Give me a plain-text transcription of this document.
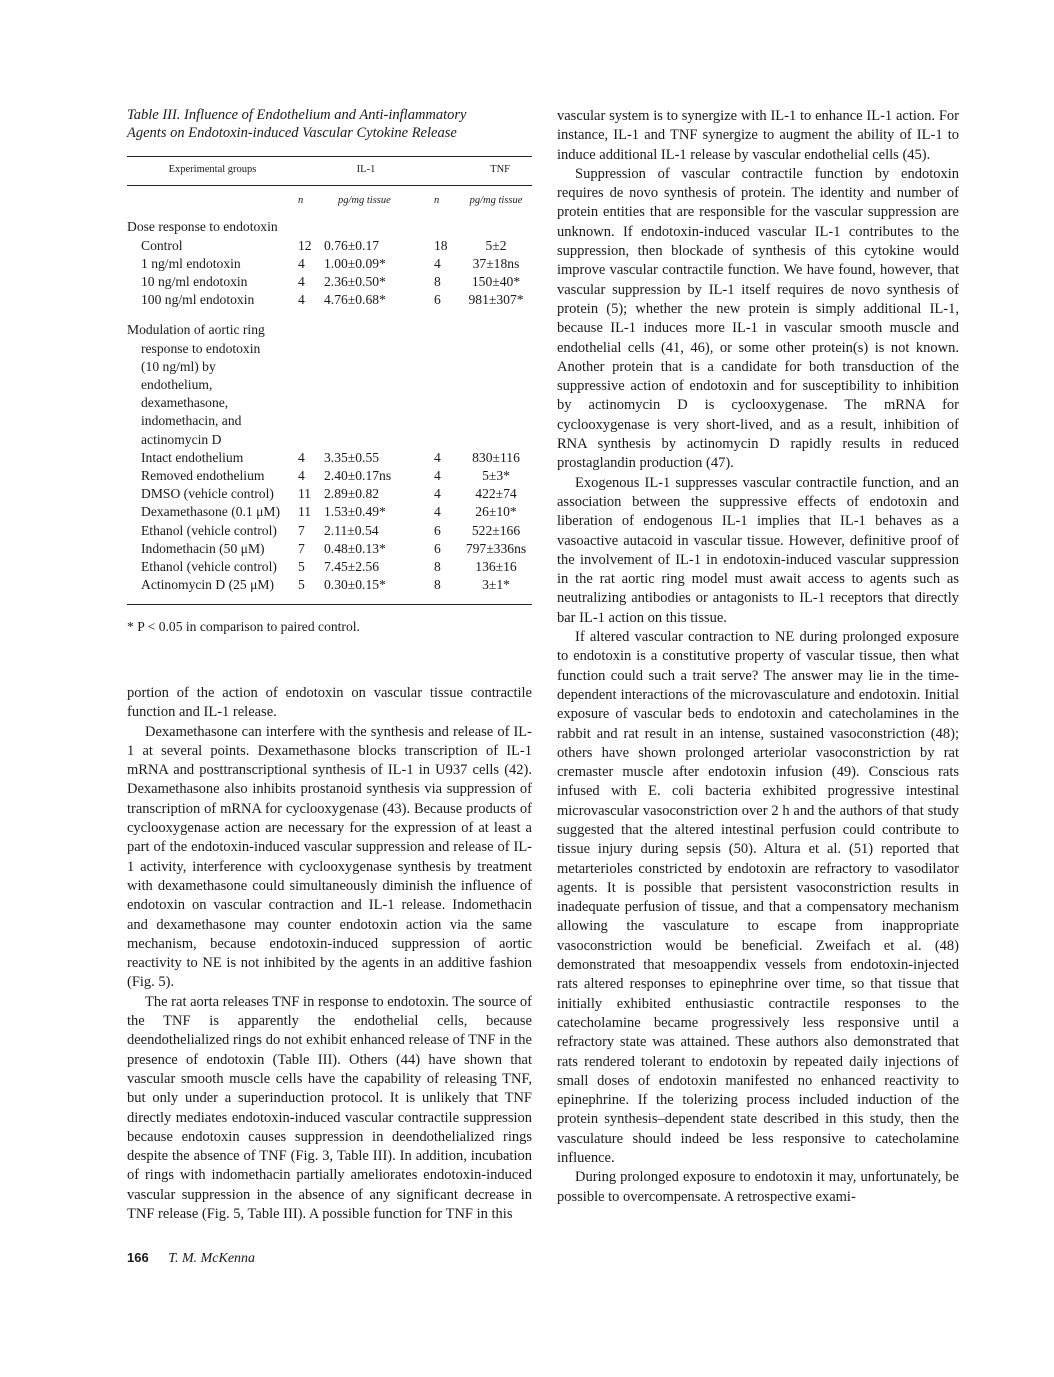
Table III. Influence of Endothelium and Anti-inflammatory
Agents on Endotoxin-induced Vascular Cytokine Release
Experimental groups	IL-1		TNF	

	n	pg/mg tissue	n	pg/mg tissue
Dose response to endotoxin				
Control	12	0.76±0.17	18	5±2
1 ng/ml endotoxin	4	1.00±0.09*	4	37±18ns
10 ng/ml endotoxin	4	2.36±0.50*	8	150±40*
100 ng/ml endotoxin	4	4.76±0.68*	6	981±307*
Modulation of aortic ring				
response to endotoxin				
(10 ng/ml) by				
endothelium,				
dexamethasone,				
indomethacin, and				
actinomycin D				
Intact endothelium	4	3.35±0.55	4	830±116
Removed endothelium	4	2.40±0.17ns	4	5±3*
DMSO (vehicle control)	11	2.89±0.82	4	422±74
Dexamethasone (0.1 μM)	11	1.53±0.49*	4	26±10*
Ethanol (vehicle control)	7	2.11±0.54	6	522±166
Indomethacin (50 μM)	7	0.48±0.13*	6	797±336ns
Ethanol (vehicle control)	5	7.45±2.56	8	136±16
Actinomycin D (25 μM)	5	0.30±0.15*	8	3±1*
* P < 0.05 in comparison to paired control.

portion of the action of endotoxin on vascular tissue contractile function and IL-1 release.

Dexamethasone can interfere with the synthesis and release of IL-1 at several points. Dexamethasone blocks transcription of IL-1 mRNA and posttranscriptional synthesis of IL-1 in U937 cells (42). Dexamethasone also inhibits prostanoid synthesis via suppression of transcription of mRNA for cyclooxygenase (43). Because products of cyclooxygenase action are necessary for the expression of at least a part of the endotoxin-induced vascular suppression and release of IL-1 activity, interference with cyclooxygenase synthesis by treatment with dexamethasone could simultaneously diminish the influence of endotoxin on vascular contraction and IL-1 release. Indomethacin and dexamethasone may counter endotoxin action via the same mechanism, because endotoxin-induced suppression of aortic reactivity to NE is not inhibited by the agents in an additive fashion (Fig. 5).

The rat aorta releases TNF in response to endotoxin. The source of the TNF is apparently the endothelial cells, because deendothelialized rings do not exhibit enhanced release of TNF in the presence of endotoxin (Table III). Others (44) have shown that vascular smooth muscle cells have the capability of releasing TNF, but only under a superinduction protocol. It is unlikely that TNF directly mediates endotoxin-induced vascular contractile suppression because endotoxin causes suppression in deendothelialized rings despite the absence of TNF (Fig. 3, Table III). In addition, incubation of rings with indomethacin partially ameliorates endotoxin-induced vascular suppression in the absence of any significant decrease in TNF release (Fig. 5, Table III). A possible function for TNF in this

vascular system is to synergize with IL-1 to enhance IL-1 action. For instance, IL-1 and TNF synergize to augment the ability of IL-1 to induce additional IL-1 release by vascular endothelial cells (45).

Suppression of vascular contractile function by endotoxin requires de novo synthesis of protein. The identity and number of protein entities that are responsible for the vascular suppression are unknown. If endotoxin-induced vascular IL-1 contributes to the suppression, then blockade of synthesis of this cytokine would improve vascular contractile function. We have found, however, that vascular suppression by IL-1 itself requires de novo synthesis of protein (5); whether the new protein is simply additional IL-1, because IL-1 induces more IL-1 in vascular smooth muscle and endothelial cells (41, 46), or some other protein(s) is not known. Another protein that is a candidate for both transduction of the suppressive action of endotoxin and for susceptibility to inhibition by actinomycin D is cyclooxygenase. The mRNA for cyclooxygenase is very short-lived, and as a result, inhibition of RNA synthesis by actinomycin D rapidly results in reduced prostaglandin production (47).

Exogenous IL-1 suppresses vascular contractile function, and an association between the suppressive effects of endotoxin and liberation of endogenous IL-1 implies that IL-1 behaves as a vasoactive autacoid in vascular tissue. However, definitive proof of the involvement of IL-1 in endotoxin-induced vascular suppression in the rat aortic ring model must await access to agents such as neutralizing antibodies or antagonists to IL-1 receptors that directly bar IL-1 action on this tissue.

If altered vascular contraction to NE during prolonged exposure to endotoxin is a constitutive property of vascular tissue, then what function could such a trait serve? The answer may lie in the time-dependent interactions of the microvasculature and endotoxin. Initial exposure of vascular beds to endotoxin and catecholamines in the rabbit and rat result in an intense, sustained vasoconstriction (48); others have shown prolonged arteriolar vasoconstriction by rat cremaster muscle after endotoxin infusion (49). Conscious rats infused with E. coli bacteria exhibited progressive intestinal microvascular vasoconstriction over 2 h and the authors of that study suggested that the altered intestinal perfusion could contribute to tissue injury during sepsis (50). Altura et al. (51) reported that metarterioles constricted by endotoxin are refractory to vasodilator agents. It is possible that persistent vasoconstriction results in inadequate perfusion of tissue, and that a compensatory mechanism allowing the vasculature to escape from inappropriate vasoconstriction would be beneficial. Zweifach et al. (48) demonstrated that mesoappendix vessels from endotoxin-injected rats altered responses to epinephrine over time, so that tissue that initially exhibited enthusiastic contractile responses to the catecholamine became progressively less responsive until a refractory state was attained. These authors also demonstrated that rats rendered tolerant to endotoxin by repeated daily injections of small doses of endotoxin manifested no enhanced reactivity to epinephrine. If the tolerizing process included induction of the protein synthesis–dependent state described in this study, then the vasculature should indeed be less responsive to catecholamine influence.

During prolonged exposure to endotoxin it may, unfortunately, be possible to overcompensate. A retrospective exami-

166 T. M. McKenna
